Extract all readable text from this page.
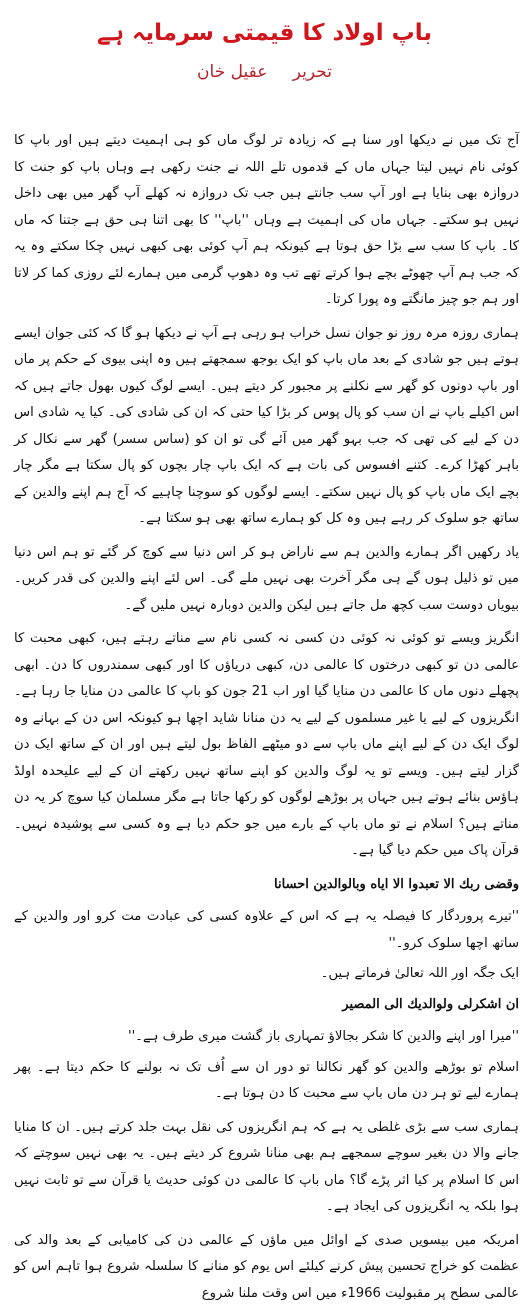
باپ اولاد کا قیمتی سرمایہ ہے
تحریر عقیل خان

آج تک میں نے دیکھا اور سنا ہے کہ زیادہ تر لوگ ماں کو ہی اہمیت دیتے ہیں اور باپ کا کوئی نام نہیں لیتا جہاں ماں کے قدموں تلے اللہ نے جنت رکھی ہے وہاں باپ کو جنت کا دروازہ بھی بنایا ہے اور آپ سب جانتے ہیں جب تک دروازہ نہ کھلے آپ گھر میں بھی داخل نہیں ہو سکتے۔ جہاں ماں کی اہمیت ہے وہاں ''باپ'' کا بھی اتنا ہی حق ہے جتنا کہ ماں کا۔ باپ کا سب سے بڑا حق ہوتا ہے کیونکہ ہم آپ کوئی بھی کبھی نہیں چکا سکتے وہ یہ کہ جب ہم آپ چھوٹے بچے ہوا کرتے تھے تب وہ دھوپ گرمی میں ہمارے لئے روزی کما کر لاتا اور ہم جو چیز مانگتے وہ پورا کرتا۔

ہماری روزہ مرہ روز نو جوان نسل خراب ہو رہی ہے آپ نے دیکھا ہو گا کہ کئی جوان ایسے ہوتے ہیں جو شادی کے بعد ماں باپ کو ایک بوجھ سمجھتے ہیں وہ اپنی بیوی کے حکم پر ماں اور باپ دونوں کو گھر سے نکلنے پر مجبور کر دیتے ہیں۔ ایسے لوگ کیوں بھول جاتے ہیں کہ اس اکیلے باپ نے ان سب کو پال پوس کر بڑا کیا حتی کہ ان کی شادی کی۔ کیا یہ شادی اس دن کے لیے کی تھی کہ جب بہو گھر میں آئے گی تو ان کو (ساس سسر) گھر سے نکال کر باہر کھڑا کرے۔ کتنے افسوس کی بات ہے کہ ایک باپ چار بچوں کو پال سکتا ہے مگر چار بچے ایک ماں باپ کو پال نہیں سکتے۔ ایسے لوگوں کو سوچنا چاہیے کہ آج ہم اپنے والدین کے ساتھ جو سلوک کر رہے ہیں وہ کل کو ہمارے ساتھ بھی ہو سکتا ہے۔

یاد رکھیں اگر ہمارے والدین ہم سے ناراض ہو کر اس دنیا سے کوچ کر گئے تو ہم اس دنیا میں تو ذلیل ہوں گے ہی مگر آخرت بھی نہیں ملے گی۔ اس لئے اپنے والدین کی قدر کریں۔ بیویاں دوست سب کچھ مل جاتے ہیں لیکن والدین دوبارہ نہیں ملیں گے۔

انگریز ویسے تو کوئی نہ کوئی دن کسی نہ کسی نام سے مناتے رہتے ہیں، کبھی محبت کا عالمی دن تو کبھی درختوں کا عالمی دن، کبھی دریاؤں کا اور کبھی سمندروں کا دن۔ ابھی پچھلے دنوں ماں کا عالمی دن منایا گیا اور اب 21 جون کو باپ کا عالمی دن منایا جا رہا ہے۔ انگریزوں کے لیے یا غیر مسلموں کے لیے یہ دن منانا شاید اچھا ہو کیونکہ اس دن کے بہانے وہ لوگ ایک دن کے لیے اپنے ماں باپ سے دو میٹھے الفاظ بول لیتے ہیں اور ان کے ساتھ ایک دن گزار لیتے ہیں۔ ویسے تو یہ لوگ والدین کو اپنے ساتھ نہیں رکھتے ان کے لیے علیحدہ اولڈ ہاؤس بنائے ہوتے ہیں جہاں پر بوڑھے لوگوں کو رکھا جاتا ہے مگر مسلمان کیا سوچ کر یہ دن مناتے ہیں؟ اسلام نے تو ماں باپ کے بارے میں جو حکم دیا ہے وہ کسی سے پوشیدہ نہیں۔ قرآن پاک میں حکم دیا گیا ہے۔

وقضى ربك الا تعبدوا الا اياه وبالوالدين احسانا

''تیرے پروردگار کا فیصلہ یہ ہے کہ اس کے علاوہ کسی کی عبادت مت کرو اور والدین کے ساتھ اچھا سلوک کرو۔''

ایک جگہ اور اللہ تعالیٰ فرماتے ہیں۔

ان اشكرلى ولوالديك الى المصير

''میرا اور اپنے والدین کا شکر بجالاؤ تمہاری باز گشت میری طرف ہے۔''

اسلام تو بوڑھے والدین کو گھر نکالنا تو دور ان سے اُف تک نہ بولنے کا حکم دیتا ہے۔ پھر ہمارے لیے تو ہر دن ماں باپ سے محبت کا دن ہوتا ہے۔

ہماری سب سے بڑی غلطی یہ ہے کہ ہم انگریزوں کی نقل بہت جلد کرتے ہیں۔ ان کا منایا جانے والا دن بغیر سوچے سمجھے ہم بھی منانا شروع کر دیتے ہیں۔ یہ بھی نہیں سوچتے کہ اس کا اسلام پر کیا اثر پڑے گا؟ ماں باپ کا عالمی دن کوئی حدیث یا قرآن سے تو ثابت نہیں ہوا بلکہ یہ انگریزوں کی ایجاد ہے۔

امریکہ میں بیسویں صدی کے اوائل میں ماؤں کے عالمی دن کی کامیابی کے بعد والد کی عظمت کو خراج تحسین پیش کرنے کیلئے اس یوم کو منانے کا سلسلہ شروع ہوا تاہم اس کو عالمی سطح پر مقبولیت 1966ء میں اس وقت ملنا شروع
